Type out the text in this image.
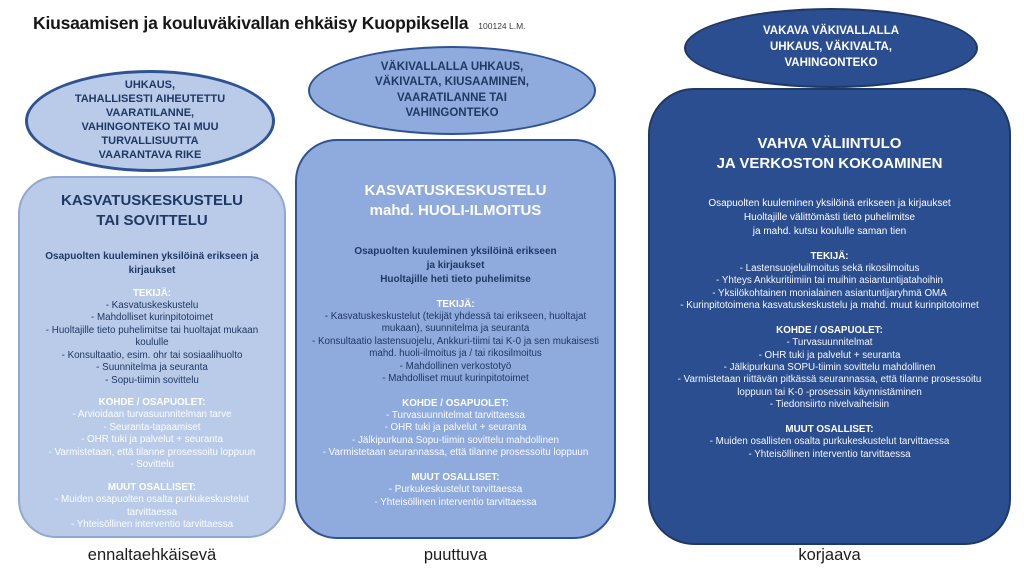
Kiusaamisen ja kouluväkivallan ehkäisy Kuoppiksella 100124 L.M.
UHKAUS,
TAHALLISESTI AIHEUTETTU
VAARATILANNE,
VAHINGONTEKO TAI MUU
TURVALLISUUTTA
VAARANTAVA RIKE
KASVATUSKESKUSTELU
TAI SOVITTELU
Osapuolten kuuleminen yksilöinä erikseen ja
kirjaukset
TEKIJÄ:
- Kasvatuskeskustelu
- Mahdolliset kurinpitotoimet
- Huoltajille tieto puhelimitse tai huoltajat mukaan koululle
- Konsultaatio, esim. ohr tai sosiaalihuolto
- Suunnitelma ja seuranta
- Sopu-tiimin sovittelu
KOHDE / OSAPUOLET:
- Arvioidaan turvasuunnitelman tarve
- Seuranta-tapaamiset
- OHR tuki ja palvelut + seuranta
- Varmistetaan, että tilanne prosessoitu loppuun
- Sovittelu
MUUT OSALLISET:
- Muiden osapuolten osalta purkukeskustelut tarvittaessa
- Yhteisöllinen interventio tarvittaessa
ennaltaehkäisevä
VÄKIVALLALLA UHKAUS,
VÄKIVALTA, KIUSAAMINEN,
VAARATILANNE TAI
VAHINGONTEKO
KASVATUSKESKUSTELU
mahd. HUOLI-ILMOITUS
Osapuolten kuuleminen yksilöinä erikseen
ja kirjaukset
Huoltajille heti tieto puhelimitse
TEKIJÄ:
- Kasvatuskeskustelut (tekijät yhdessä tai erikseen, huoltajat mukaan), suunnitelma ja seuranta
- Konsultaatio lastensuojelu, Ankkuri-tiimi tai K-0 ja sen mukaisesti mahd. huoli-ilmoitus ja / tai rikosilmoitus
- Mahdollinen verkostotyö
- Mahdolliset muut kurinpitotoimet
KOHDE / OSAPUOLET:
- Turvasuunnitelmat tarvittaessa
- OHR tuki ja palvelut + seuranta
- Jälkipurkuna Sopu-tiimin sovittelu mahdollinen
- Varmistetaan seurannassa, että tilanne prosessoitu loppuun
MUUT OSALLISET:
- Purkukeskustelut tarvittaessa
- Yhteisöllinen interventio tarvittaessa
puuttuva
VAKAVA VÄKIVALLALLA
UHKAUS, VÄKIVALTA,
VAHINGONTEKO
VAHVA VÄLIINTULO
JA VERKOSTON KOKOAMINEN
Osapuolten kuuleminen yksilöinä erikseen ja kirjaukset
Huoltajille välittömästi tieto puhelimitse
ja mahd. kutsu koululle saman tien
TEKIJÄ:
- Lastensuojeluilmoitus sekä rikosilmoitus
- Yhteys Ankkuritiimiin tai muihin asiantuntijatahoihin
- Yksilökohtainen monialainen asiantuntijaryhmä OMA
- Kurinpitotoimena kasvatuskeskustelu ja mahd. muut kurinpitotoimet
KOHDE / OSAPUOLET:
- Turvasuunnitelmat
- OHR tuki ja palvelut + seuranta
- Jälkipurkuna SOPU-tiimin sovittelu mahdollinen
- Varmistetaan riittävän pitkässä seurannassa, että tilanne prosessoitu loppuun tai K-0 -prosessin käynnistäminen
- Tiedonsiirto nivelvaiheisiin
MUUT OSALLISET:
- Muiden osallisten osalta purkukeskustelut tarvittaessa
- Yhteisöllinen interventio tarvittaessa
korjaava
